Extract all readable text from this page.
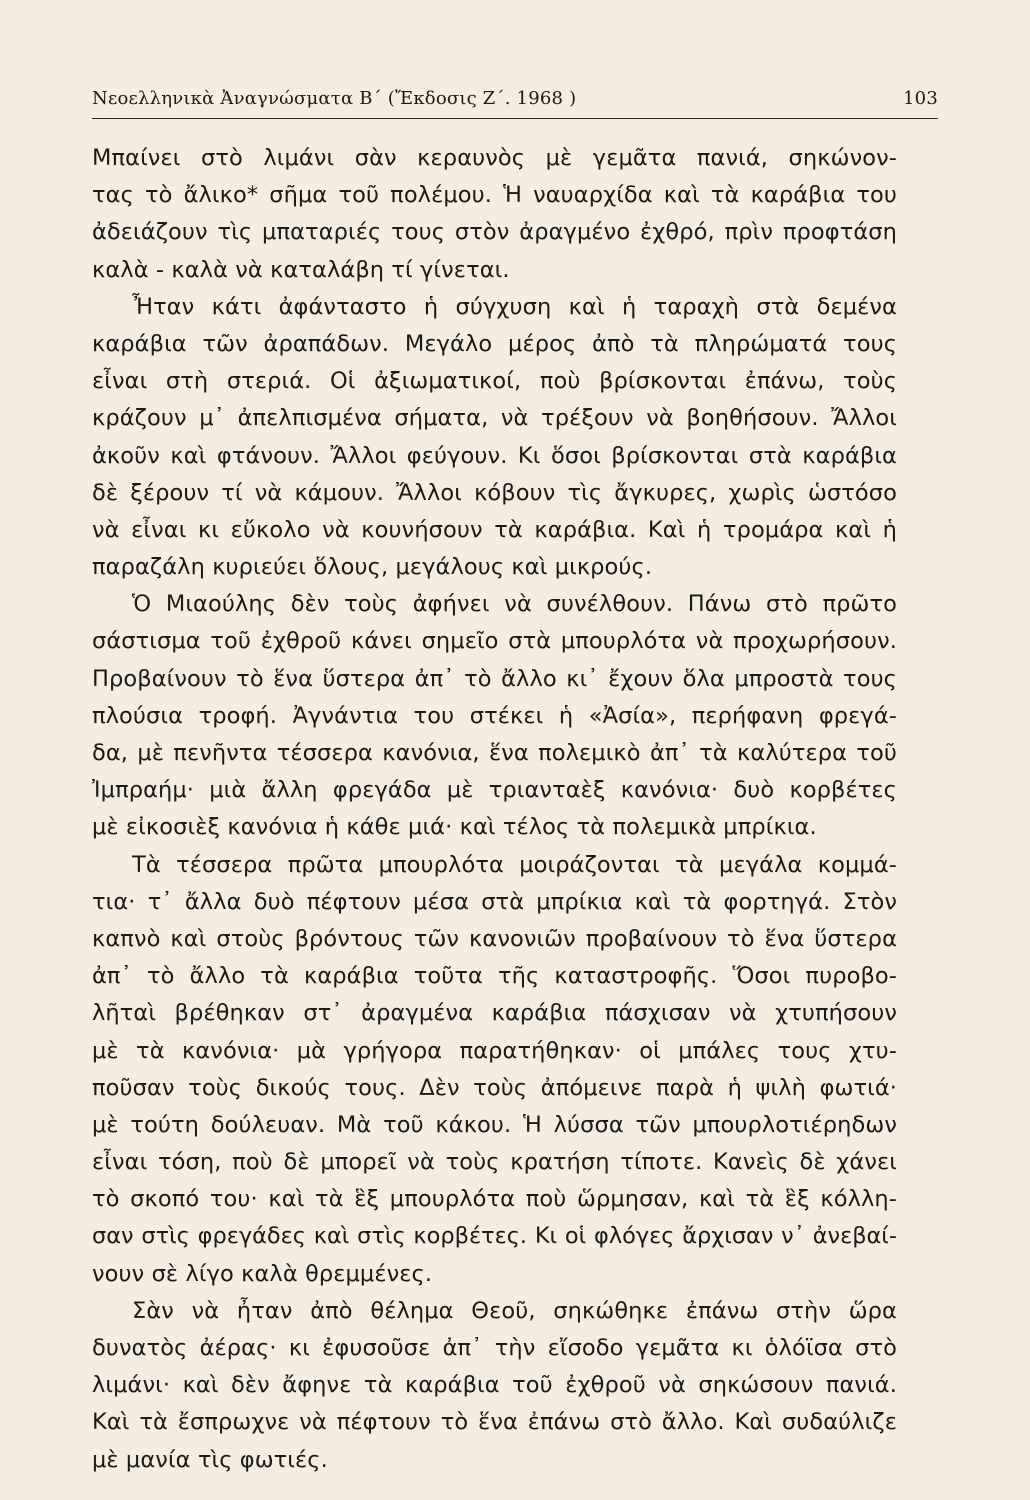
Νεοελληνικὰ Ἀναγνώσματα Β΄ (Ἔκδοσις Ζ΄. 1968 )	103
Μπαίνει στὸ λιμάνι σὰν κεραυνὸς μὲ γεμᾶτα πανιά, σηκώνον-
τας τὸ ἄλικο* σῆμα τοῦ πολέμου. Ἡ ναυαρχίδα καὶ τὰ καράβια του
ἀδειάζουν τὶς μπαταριές τους στὸν ἀραγμένο ἐχθρό, πρὶν προφτάση
καλὰ - καλὰ νὰ καταλάβη τί γίνεται.
Ἦταν κάτι ἀφάνταστο ἡ σύγχυση καὶ ἡ ταραχὴ στὰ δεμένα
καράβια τῶν ἀραπάδων. Μεγάλο μέρος ἀπὸ τὰ πληρώματά τους
εἶναι στὴ στεριά. Οἱ ἀξιωματικοί, ποὺ βρίσκονται ἐπάνω, τοὺς
κράζουν μ᾿ ἀπελπισμένα σήματα, νὰ τρέξουν νὰ βοηθήσουν. Ἄλλοι
ἀκοῦν καὶ φτάνουν. Ἄλλοι φεύγουν. Κι ὅσοι βρίσκονται στὰ καράβια
δὲ ξέρουν τί νὰ κάμουν. Ἄλλοι κόβουν τὶς ἄγκυρες, χωρὶς ὡστόσο
νὰ εἶναι κι εὔκολο νὰ κουνήσουν τὰ καράβια. Καὶ ἡ τρομάρα καὶ ἡ
παραζάλη κυριεύει ὅλους, μεγάλους καὶ μικρούς.
Ὁ Μιαούλης δὲν τοὺς ἀφήνει νὰ συνέλθουν. Πάνω στὸ πρῶτο
σάστισμα τοῦ ἐχθροῦ κάνει σημεῖο στὰ μπουρλότα νὰ προχωρήσουν.
Προβαίνουν τὸ ἕνα ὕστερα ἀπ᾿ τὸ ἄλλο κι᾿ ἔχουν ὅλα μπροστὰ τους
πλούσια τροφή. Ἀγνάντια του στέκει ἡ «Ἀσία», περήφανη φρεγά-
δα, μὲ πενῆντα τέσσερα κανόνια, ἕνα πολεμικὸ ἀπ᾿ τὰ καλύτερα τοῦ
Ἰμπραήμ· μιὰ ἄλλη φρεγάδα μὲ τριανταὲξ κανόνια· δυὸ κορβέτες
μὲ εἰκοσιὲξ κανόνια ἡ κάθε μιά· καὶ τέλος τὰ πολεμικὰ μπρίκια.
Τὰ τέσσερα πρῶτα μπουρλότα μοιράζονται τὰ μεγάλα κομμά-
τια· τ᾿ ἄλλα δυὸ πέφτουν μέσα στὰ μπρίκια καὶ τὰ φορτηγά. Στὸν
καπνὸ καὶ στοὺς βρόντους τῶν κανονιῶν προβαίνουν τὸ ἕνα ὕστερα
ἀπ᾿ τὸ ἄλλο τὰ καράβια τοῦτα τῆς καταστροφῆς. Ὅσοι πυροβο-
λῆταὶ βρέθηκαν στ᾿ ἀραγμένα καράβια πάσχισαν νὰ χτυπήσουν
μὲ τὰ κανόνια· μὰ γρήγορα παρατήθηκαν· οἱ μπάλες τους χτυ-
ποῦσαν τοὺς δικούς τους. Δὲν τοὺς ἀπόμεινε παρὰ ἡ ψιλὴ φωτιά·
μὲ τούτη δούλευαν. Μὰ τοῦ κάκου. Ἡ λύσσα τῶν μπουρλοτιέρηδων
εἶναι τόση, ποὺ δὲ μπορεῖ νὰ τοὺς κρατήση τίποτε. Κανεὶς δὲ χάνει
τὸ σκοπό του· καὶ τὰ ἓξ μπουρλότα ποὺ ὥρμησαν, καὶ τὰ ἓξ κόλλη-
σαν στὶς φρεγάδες καὶ στὶς κορβέτες. Κι οἱ φλόγες ἄρχισαν ν᾿ ἀνεβαί-
νουν σὲ λίγο καλὰ θρεμμένες.
Σὰν νὰ ἦταν ἀπὸ θέλημα Θεοῦ, σηκώθηκε ἐπάνω στὴν ὥρα
δυνατὸς ἀέρας· κι ἐφυσοῦσε ἀπ᾿ τὴν εἴσοδο γεμᾶτα κι ὁλόϊσα στὸ
λιμάνι· καὶ δὲν ἄφηνε τὰ καράβια τοῦ ἐχθροῦ νὰ σηκώσουν πανιά.
Καὶ τὰ ἔσπρωχνε νὰ πέφτουν τὸ ἕνα ἐπάνω στὸ ἄλλο. Καὶ συδαύλιζε
μὲ μανία τὶς φωτιές.
